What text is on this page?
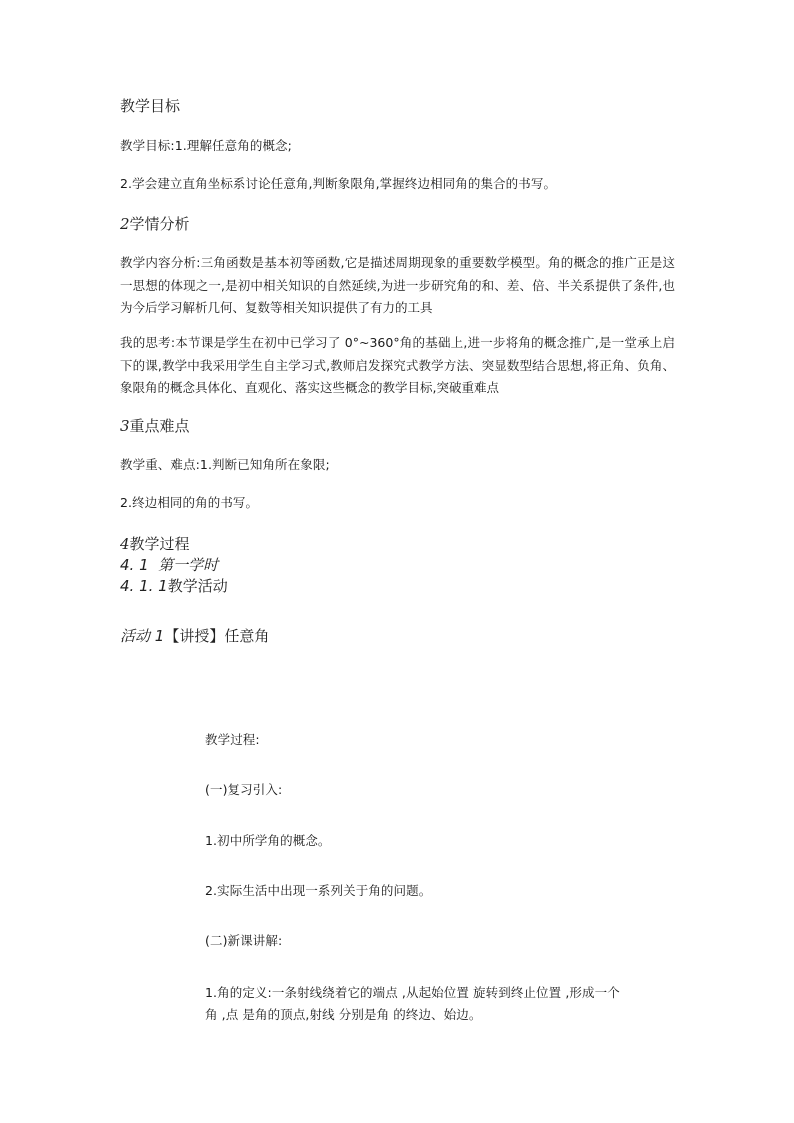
教学目标
教学目标:1.理解任意角的概念;
2.学会建立直角坐标系讨论任意角,判断象限角,掌握终边相同角的集合的书写。
2学情分析
教学内容分析:三角函数是基本初等函数,它是描述周期现象的重要数学模型。角的概念的推广正是这一思想的体现之一,是初中相关知识的自然延续,为进一步研究角的和、差、倍、半关系提供了条件,也为今后学习解析几何、复数等相关知识提供了有力的工具
我的思考:本节课是学生在初中已学习了 0°~360°角的基础上,进一步将角的概念推广,是一堂承上启下的课,教学中我采用学生自主学习式,教师启发探究式教学方法、突显数型结合思想,将正角、负角、象限角的概念具体化、直观化、落实这些概念的教学目标,突破重难点
3重点难点
教学重、难点:1.判断已知角所在象限;
2.终边相同的角的书写。
4教学过程
4. 1 第一学时
4. 1. 1教学活动
活动 1【讲授】任意角
教学过程:
(一)复习引入:
1.初中所学角的概念。
2.实际生活中出现一系列关于角的问题。
(二)新课讲解:
1.角的定义:一条射线绕着它的端点 ,从起始位置 旋转到终止位置 ,形成一个
角 ,点 是角的顶点,射线 分别是角 的终边、始边。
